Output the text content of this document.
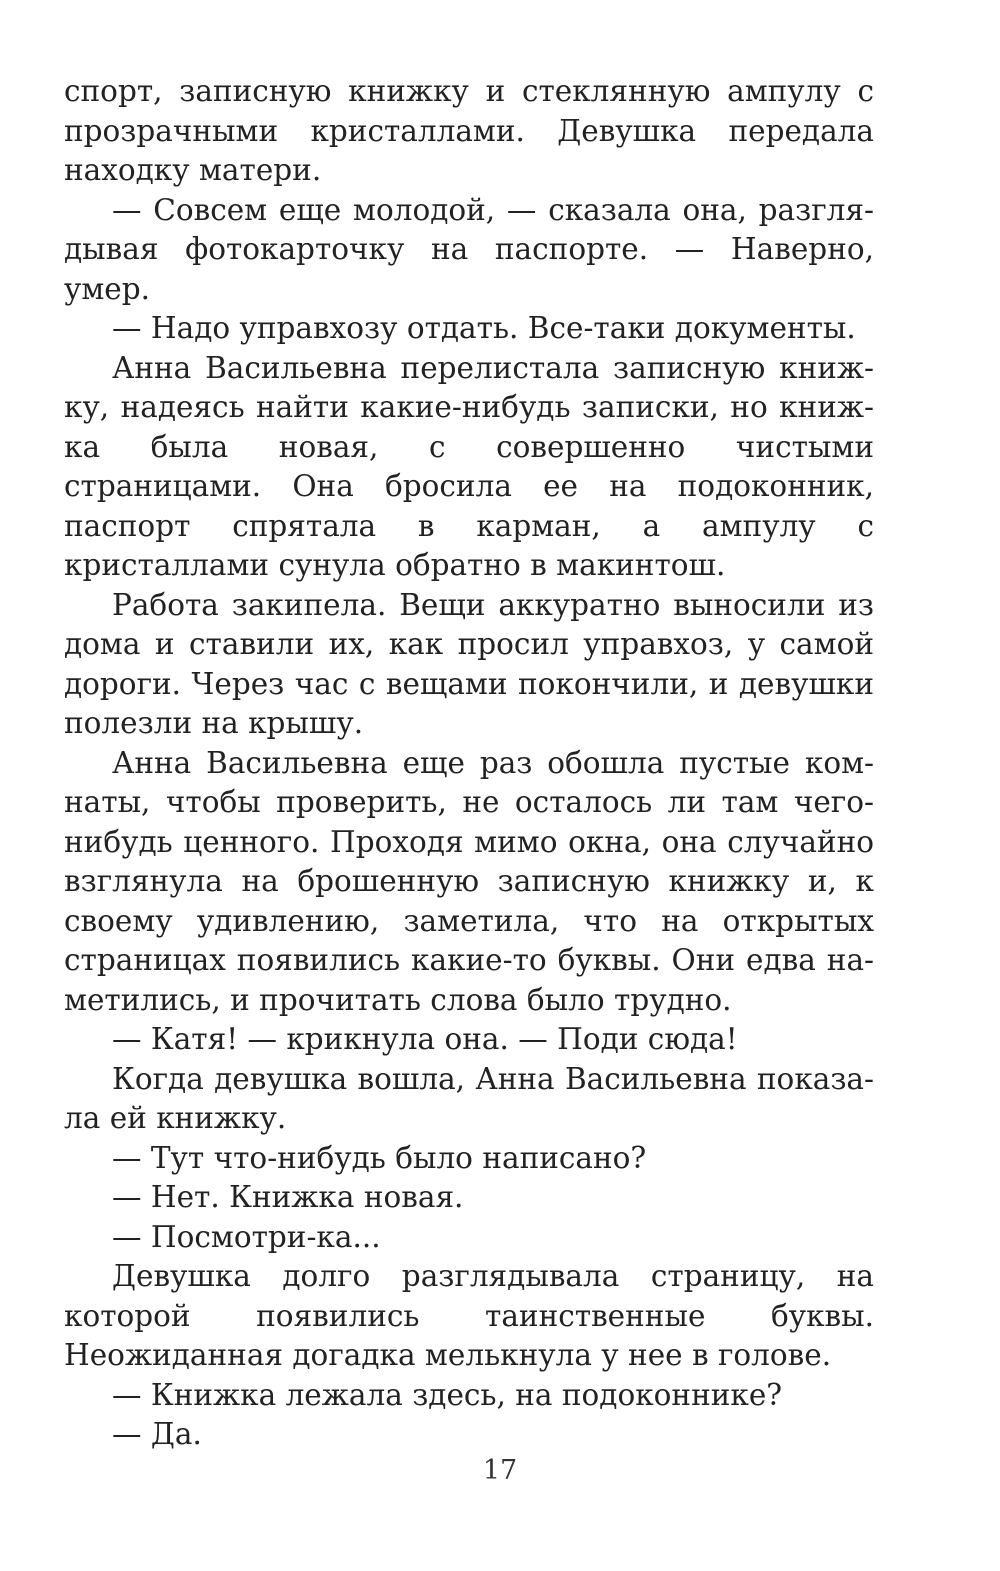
спорт, записную книжку и стеклянную ампулу с прозрачными кристаллами. Девушка передала находку матери.

— Совсем еще молодой, — сказала она, разглядывая фотокарточку на паспорте. — Наверно, умер.

— Надо управхозу отдать. Все-таки документы.

Анна Васильевна перелистала записную книжку, надеясь найти какие-нибудь записки, но книжка была новая, с совершенно чистыми страницами. Она бросила ее на подоконник, паспорт спрятала в карман, а ампулу с кристаллами сунула обратно в макинтош.

Работа закипела. Вещи аккуратно выносили из дома и ставили их, как просил управхоз, у самой дороги. Через час с вещами покончили, и девушки полезли на крышу.

Анна Васильевна еще раз обошла пустые комнаты, чтобы проверить, не осталось ли там чего-нибудь ценного. Проходя мимо окна, она случайно взглянула на брошенную записную книжку и, к своему удивлению, заметила, что на открытых страницах появились какие-то буквы. Они едва наметились, и прочитать слова было трудно.

— Катя! — крикнула она. — Поди сюда!

Когда девушка вошла, Анна Васильевна показала ей книжку.

— Тут что-нибудь было написано?

— Нет. Книжка новая.

— Посмотри-ка...

Девушка долго разглядывала страницу, на которой появились таинственные буквы. Неожиданная догадка мелькнула у нее в голове.

— Книжка лежала здесь, на подоконнике?

— Да.

17
